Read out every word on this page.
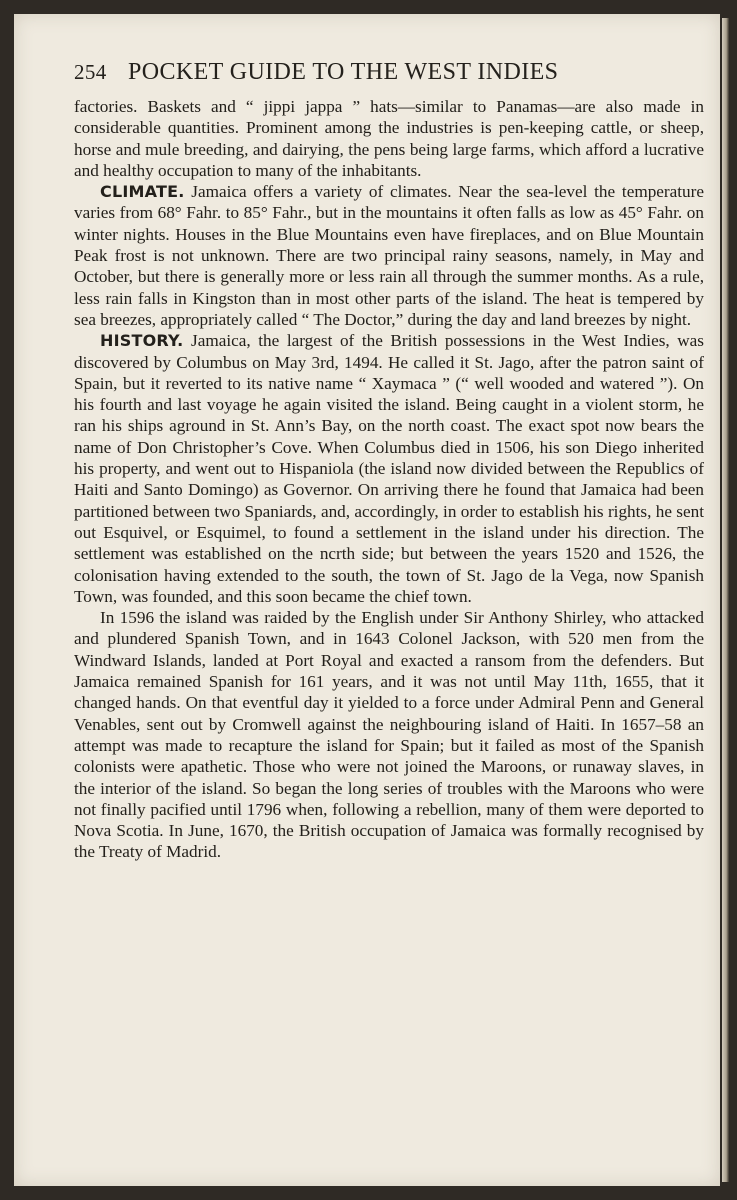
254 POCKET GUIDE TO THE WEST INDIES

factories. Baskets and “ jippi jappa ” hats—similar to Panamas—are also made in considerable quantities. Prominent among the industries is pen-keeping cattle, or sheep, horse and mule breeding, and dairying, the pens being large farms, which afford a lucrative and healthy occupation to many of the inhabitants.

CLIMATE. Jamaica offers a variety of climates. Near the sea-level the temperature varies from 68° Fahr. to 85° Fahr., but in the mountains it often falls as low as 45° Fahr. on winter nights. Houses in the Blue Mountains even have fireplaces, and on Blue Mountain Peak frost is not unknown. There are two principal rainy seasons, namely, in May and October, but there is generally more or less rain all through the summer months. As a rule, less rain falls in Kingston than in most other parts of the island. The heat is tempered by sea breezes, appropriately called “ The Doctor,” during the day and land breezes by night.

HISTORY. Jamaica, the largest of the British possessions in the West Indies, was discovered by Columbus on May 3rd, 1494. He called it St. Jago, after the patron saint of Spain, but it reverted to its native name “ Xaymaca ” (“ well wooded and watered ”). On his fourth and last voyage he again visited the island. Being caught in a violent storm, he ran his ships aground in St. Ann’s Bay, on the north coast. The exact spot now bears the name of Don Christopher’s Cove. When Columbus died in 1506, his son Diego inherited his property, and went out to Hispaniola (the island now divided between the Republics of Haiti and Santo Domingo) as Governor. On arriving there he found that Jamaica had been partitioned between two Spaniards, and, accordingly, in order to establish his rights, he sent out Esquivel, or Esquimel, to found a settlement in the island under his direction. The settlement was established on the ncrth side; but between the years 1520 and 1526, the colonisation having extended to the south, the town of St. Jago de la Vega, now Spanish Town, was founded, and this soon became the chief town.

In 1596 the island was raided by the English under Sir Anthony Shirley, who attacked and plundered Spanish Town, and in 1643 Colonel Jackson, with 520 men from the Windward Islands, landed at Port Royal and exacted a ransom from the defenders. But Jamaica remained Spanish for 161 years, and it was not until May 11th, 1655, that it changed hands. On that eventful day it yielded to a force under Admiral Penn and General Venables, sent out by Cromwell against the neighbouring island of Haiti. In 1657–58 an attempt was made to recapture the island for Spain; but it failed as most of the Spanish colonists were apathetic. Those who were not joined the Maroons, or runaway slaves, in the interior of the island. So began the long series of troubles with the Maroons who were not finally pacified until 1796 when, following a rebellion, many of them were deported to Nova Scotia. In June, 1670, the British occupation of Jamaica was formally recognised by the Treaty of Madrid.
